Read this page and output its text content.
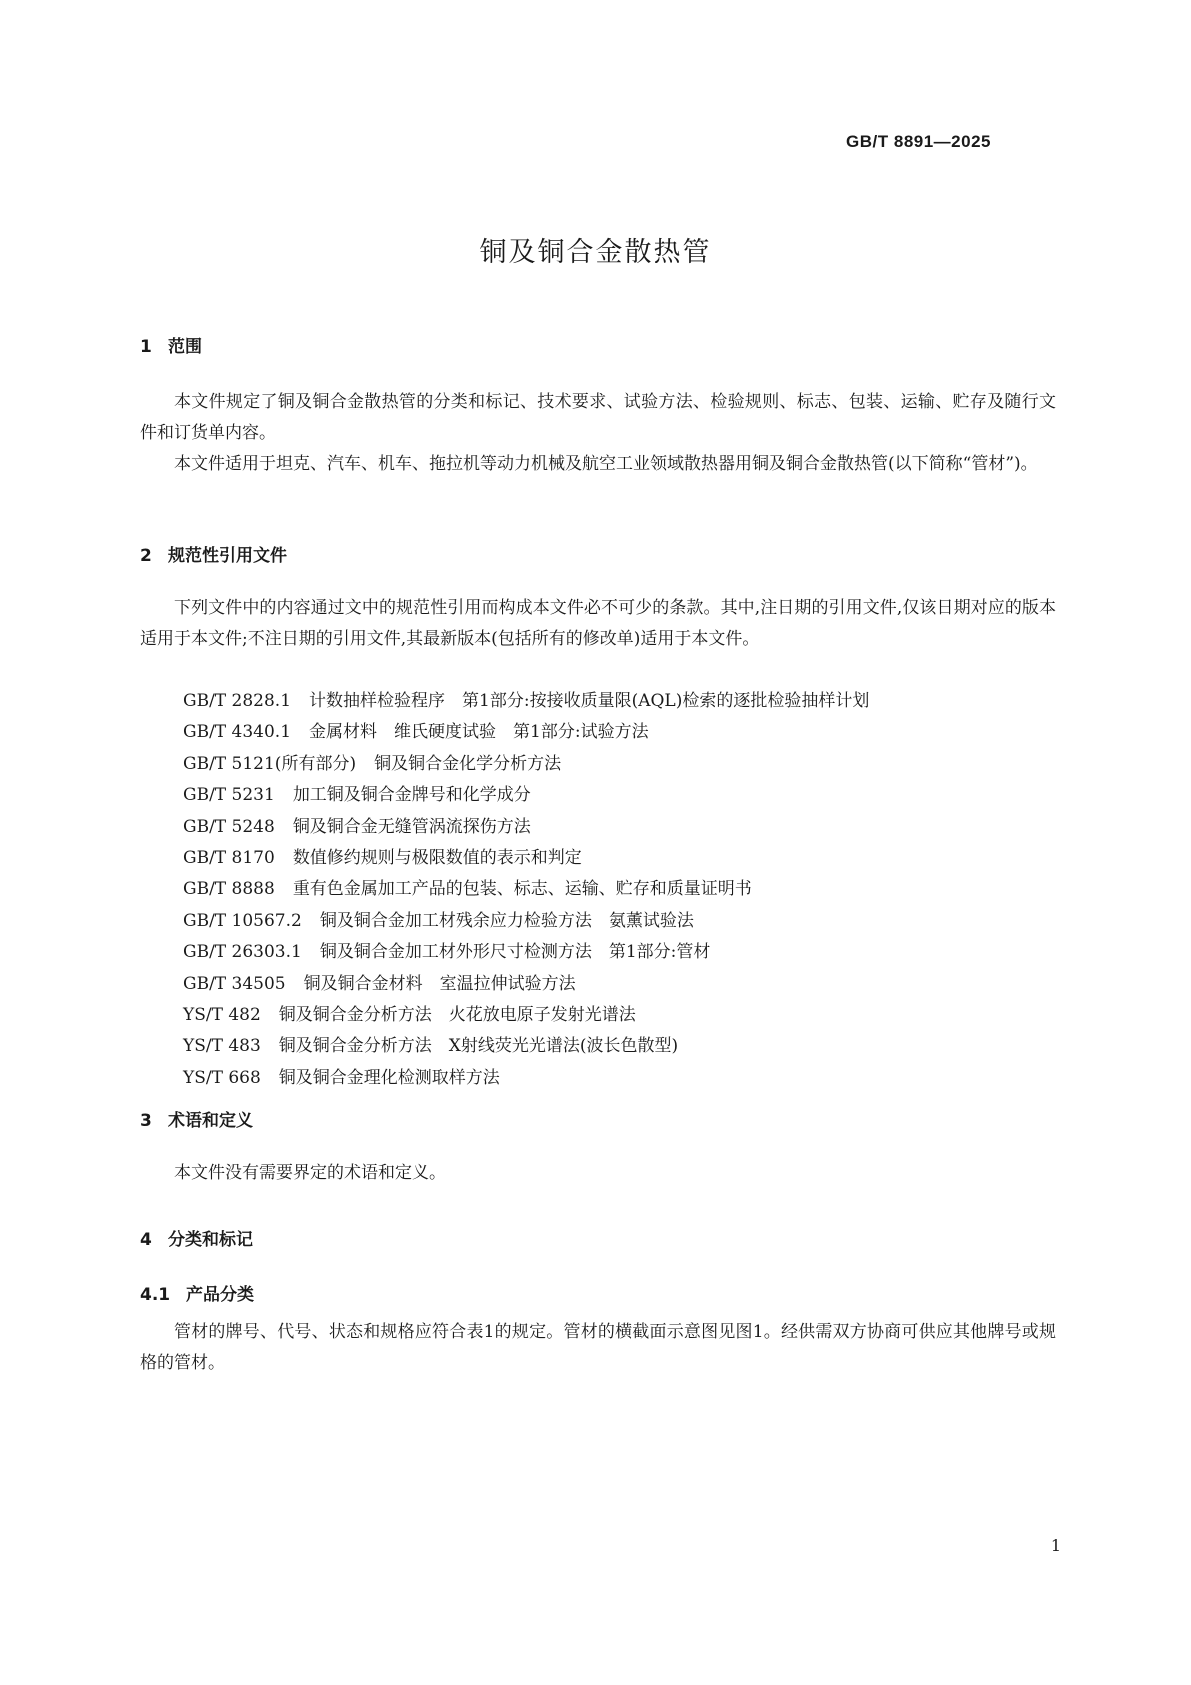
GB/T 8891—2025
铜及铜合金散热管
1 范围
本文件规定了铜及铜合金散热管的分类和标记、技术要求、试验方法、检验规则、标志、包装、运输、贮存及随行文件和订货单内容。
本文件适用于坦克、汽车、机车、拖拉机等动力机械及航空工业领域散热器用铜及铜合金散热管(以下简称“管材”)。
2 规范性引用文件
下列文件中的内容通过文中的规范性引用而构成本文件必不可少的条款。其中,注日期的引用文件,仅该日期对应的版本适用于本文件;不注日期的引用文件,其最新版本(包括所有的修改单)适用于本文件。
GB/T 2828.1 计数抽样检验程序　第1部分:按接收质量限(AQL)检索的逐批检验抽样计划
GB/T 4340.1 金属材料　维氏硬度试验　第1部分:试验方法
GB/T 5121(所有部分) 铜及铜合金化学分析方法
GB/T 5231 加工铜及铜合金牌号和化学成分
GB/T 5248 铜及铜合金无缝管涡流探伤方法
GB/T 8170 数值修约规则与极限数值的表示和判定
GB/T 8888 重有色金属加工产品的包装、标志、运输、贮存和质量证明书
GB/T 10567.2 铜及铜合金加工材残余应力检验方法　氨薰试验法
GB/T 26303.1 铜及铜合金加工材外形尺寸检测方法　第1部分:管材
GB/T 34505 铜及铜合金材料　室温拉伸试验方法
YS/T 482 铜及铜合金分析方法　火花放电原子发射光谱法
YS/T 483 铜及铜合金分析方法　X射线荧光光谱法(波长色散型)
YS/T 668 铜及铜合金理化检测取样方法
3 术语和定义
本文件没有需要界定的术语和定义。
4 分类和标记
4.1 产品分类
管材的牌号、代号、状态和规格应符合表1的规定。管材的横截面示意图见图1。经供需双方协商可供应其他牌号或规格的管材。
1
